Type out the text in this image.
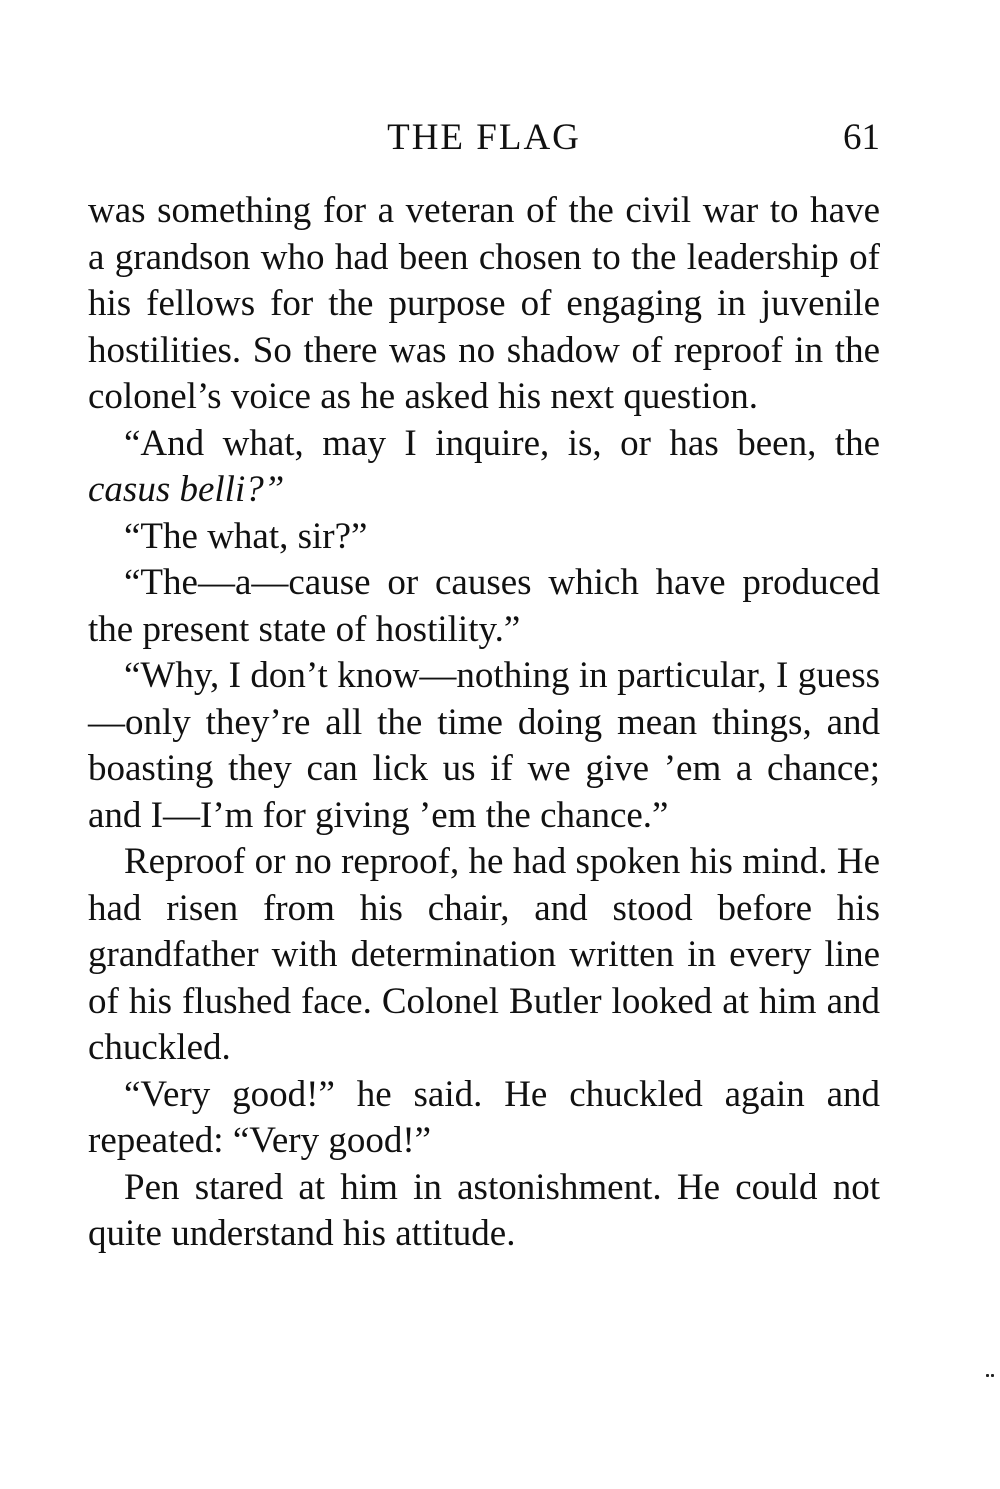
THE FLAG	61

was something for a veteran of the civil war to have a grandson who had been chosen to the leadership of his fellows for the purpose of engaging in juvenile hostilities. So there was no shadow of reproof in the colonel’s voice as he asked his next question.

“And what, may I inquire, is, or has been, the casus belli?”

“The what, sir?”

“The—a—cause or causes which have produced the present state of hostility.”

“Why, I don’t know—nothing in particular, I guess—only they’re all the time doing mean things, and boasting they can lick us if we give ’em a chance; and I—I’m for giving ’em the chance.”

Reproof or no reproof, he had spoken his mind. He had risen from his chair, and stood before his grandfather with determination written in every line of his flushed face. Colonel Butler looked at him and chuckled.

“Very good!” he said. He chuckled again and repeated: “Very good!”

Pen stared at him in astonishment. He could not quite understand his attitude.
